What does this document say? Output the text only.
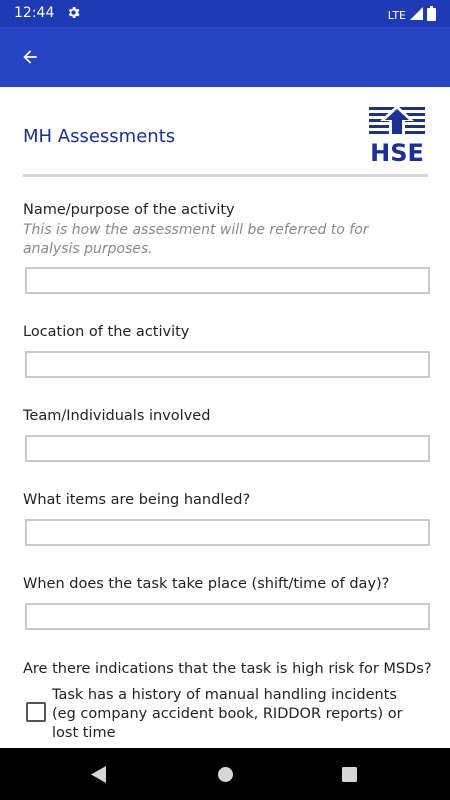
12:44	LTE
MH Assessments
HSE
Name/purpose of the activity
This is how the assessment will be referred to for analysis purposes.
Location of the activity
Team/Individuals involved
What items are being handled?
When does the task take place (shift/time of day)?
Are there indications that the task is high risk for MSDs?
Task has a history of manual handling incidents (eg company accident book, RIDDOR reports) or lost time
